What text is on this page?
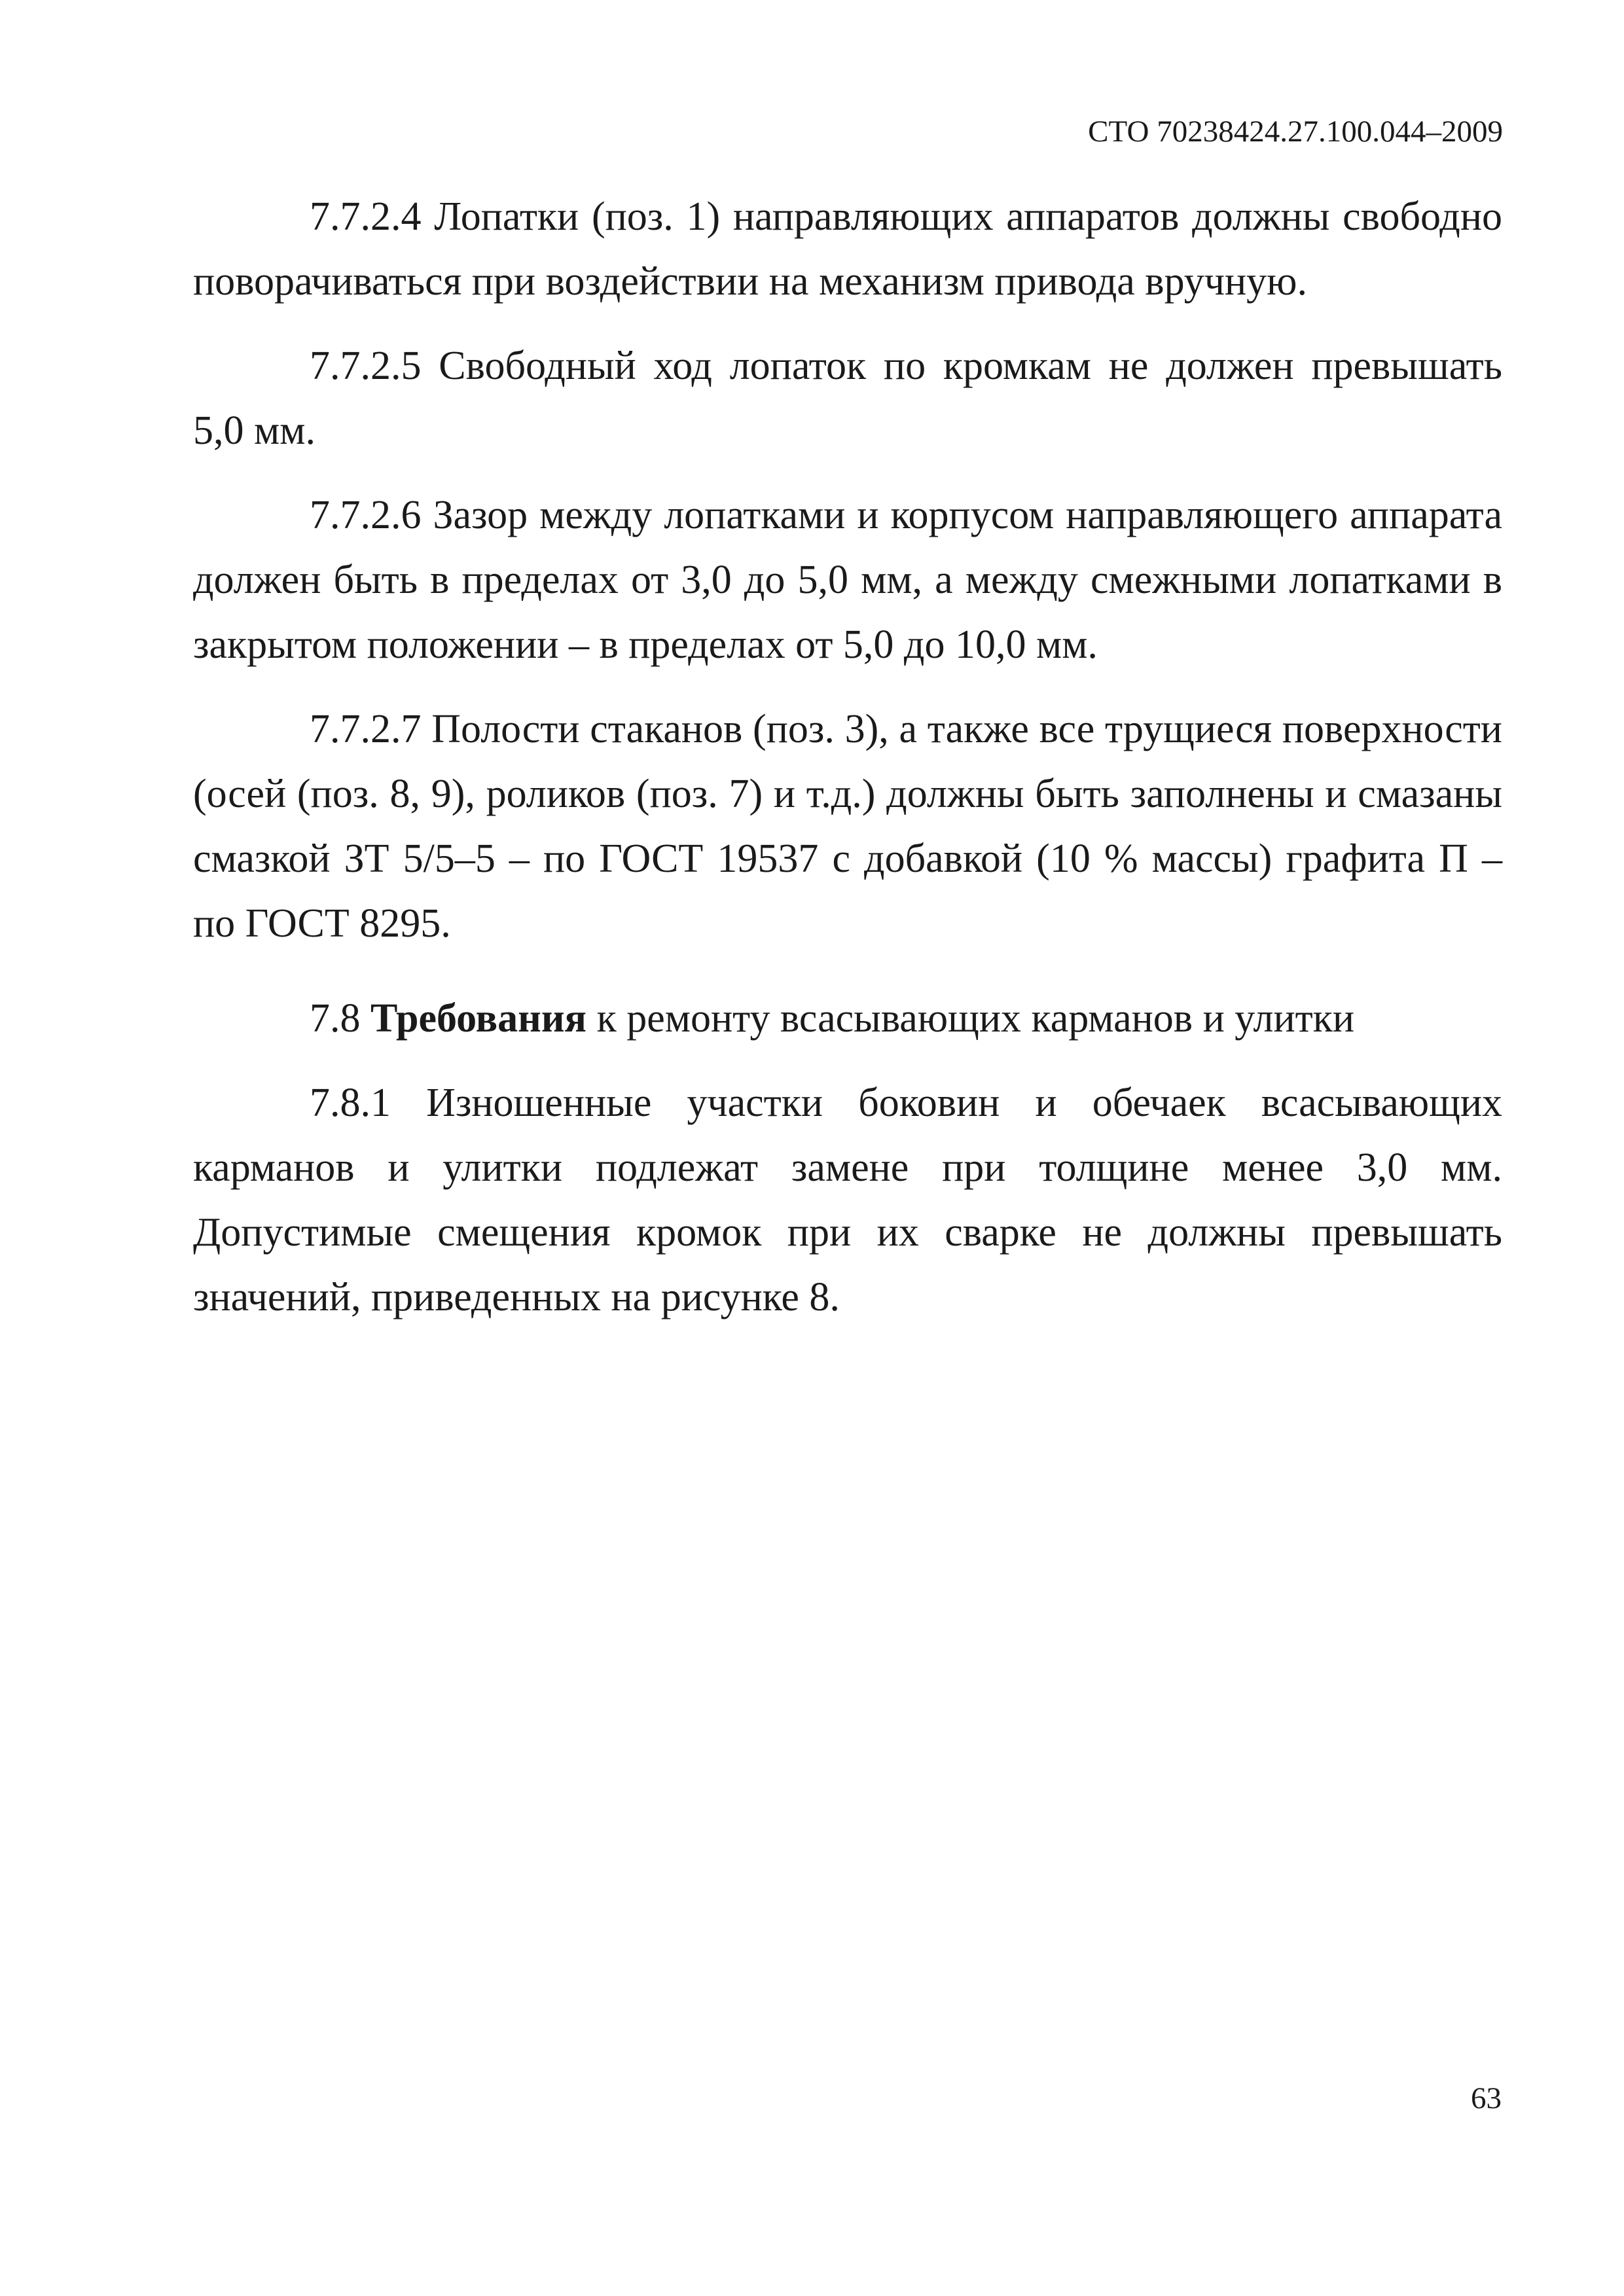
СТО 70238424.27.100.044–2009

7.7.2.4 Лопатки (поз. 1) направляющих аппаратов должны свободно поворачиваться при воздействии на механизм привода вручную.

7.7.2.5 Свободный ход лопаток по кромкам не должен превышать 5,0 мм.

7.7.2.6 Зазор между лопатками и корпусом направляющего аппарата должен быть в пределах от 3,0 до 5,0 мм, а между смежными лопатками в закрытом положении – в пределах от 5,0 до 10,0 мм.

7.7.2.7 Полости стаканов (поз. 3), а также все трущиеся поверхности (осей (поз. 8, 9), роликов (поз. 7) и т.д.) должны быть заполнены и смазаны смазкой ЗТ 5/5–5 – по ГОСТ 19537 с добавкой (10 % массы) графита П – по ГОСТ 8295.

7.8 Требования к ремонту всасывающих карманов и улитки

7.8.1 Изношенные участки боковин и обечаек всасывающих карманов и улитки подлежат замене при толщине менее 3,0 мм. Допустимые смещения кромок при их сварке не должны превышать значений, приведенных на рисунке 8.

63
